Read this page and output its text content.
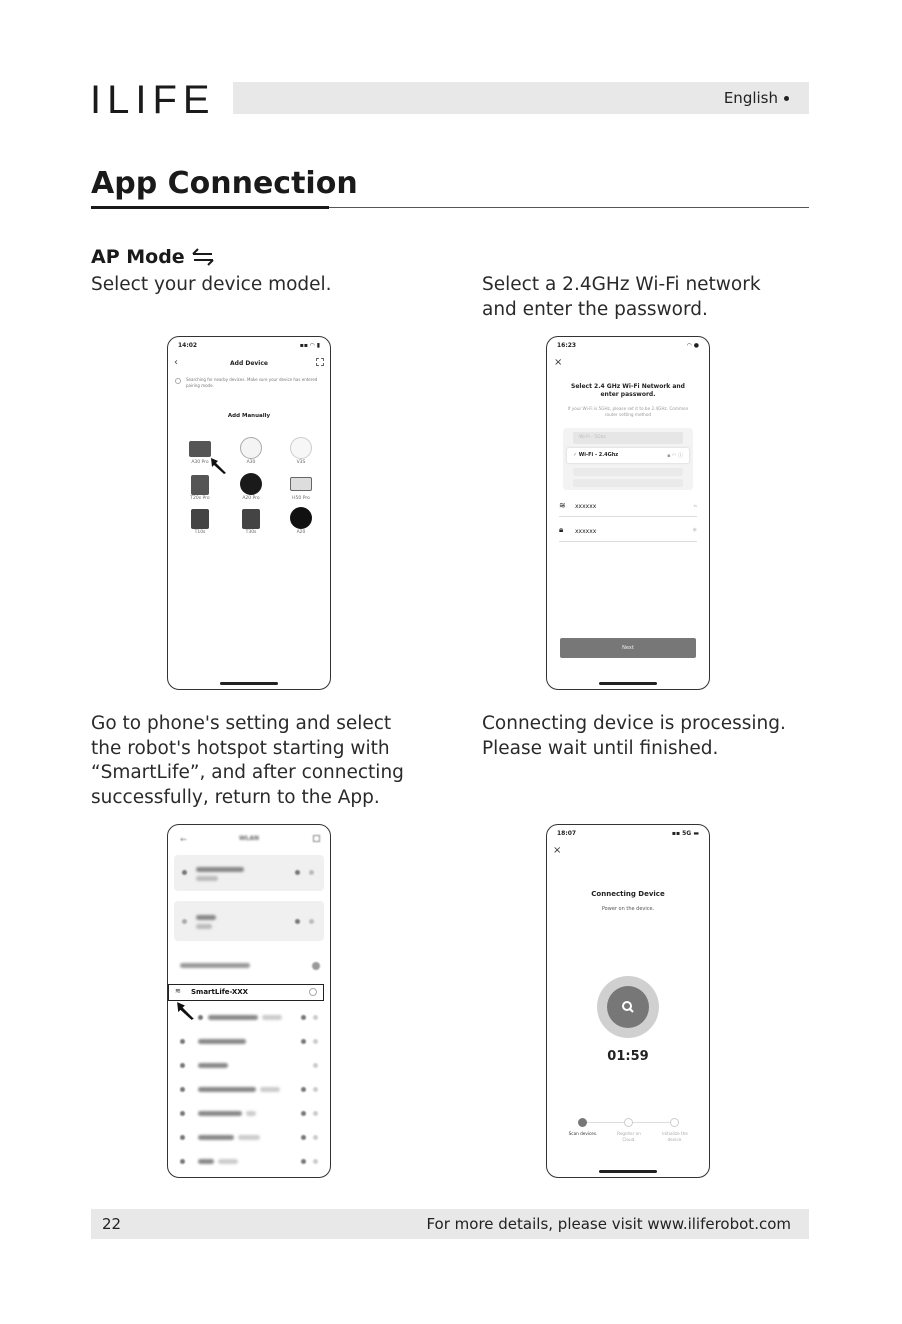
ILIFE	English
App Connection
AP Mode
Select your device model.	Select a 2.4GHz Wi-Fi network and enter the password.
Go to phone's setting and select the robot's hotspot starting with “SmartLife”, and after connecting successfully, return to the App.
Connecting device is processing. Please wait until finished.
14:02	▪▪ ◠ ▮
‹	Add Device
Searching for nearby devices. Make sure your device has entered pairing mode.
Add Manually
A30 Pro	A30	V3S
T20s Pro	A20 Pro	H50 Pro
T10s	T30s	A20
16:23	◠ ●
×
Select 2.4 GHz Wi-Fi Network and enter password.
If your Wi-Fi is 5GHz, please set it to be 2.4GHz. Common router setting method
Wi-Fi - 5Ghz
✓ Wi-Fi - 2.4Ghz	▪ ◠ ⓘ
≋ xxxxxx	⇆
🔒︎ xxxxxx	◉
Next
←	WLAN
≋ SmartLife-XXX
18:07	▪▪ 5G ▬
×
Connecting Device
Power on the device.
01:59
Scan devices.	Register on Cloud.
Initialize the device.
22	For more details, please visit www.iliferobot.com
